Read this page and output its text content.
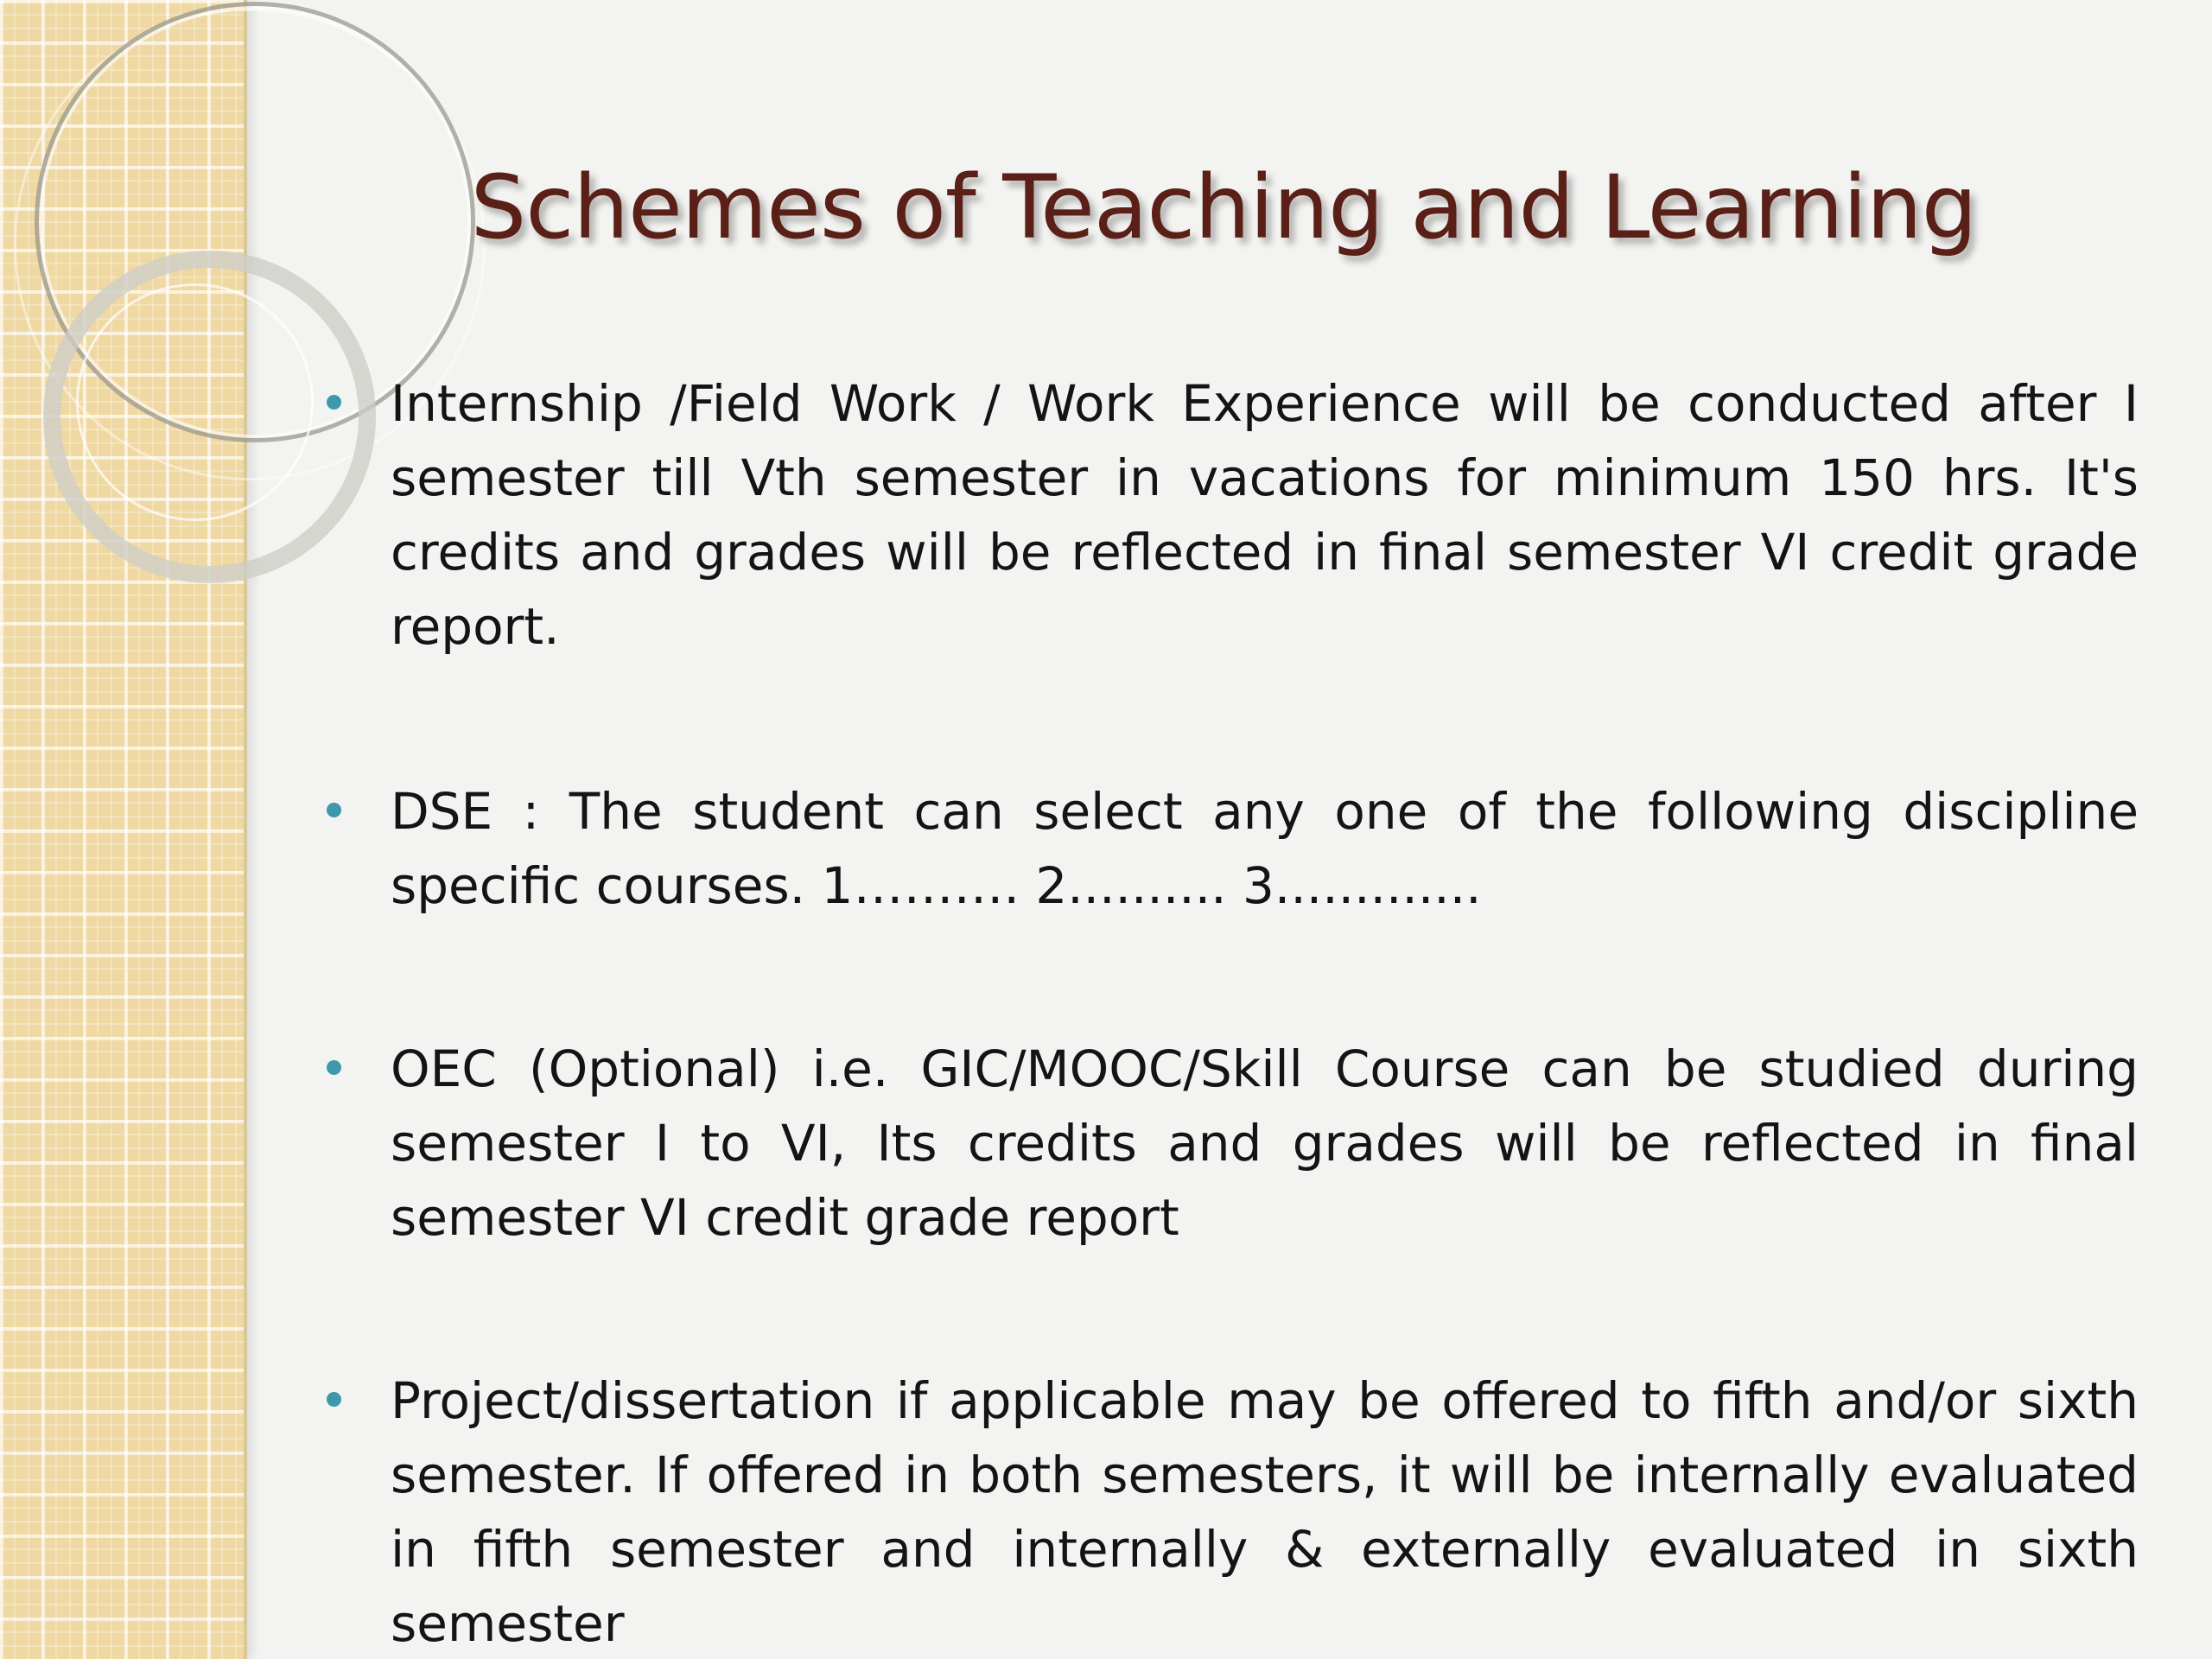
Schemes of Teaching and Learning

Internship /Field Work / Work Experience will be conducted after I semester till Vth semester in vacations for minimum 150 hrs. It's credits and grades will be reflected in final semester VI credit grade report.

DSE : The student can select any one of the following discipline specific courses. 1………. 2.......... 3.............

OEC (Optional) i.e. GIC/MOOC/Skill Course can be studied during semester I to VI, Its credits and grades will be reflected in final semester VI credit grade report

Project/dissertation if applicable may be offered to fifth and/or sixth semester. If offered in both semesters, it will be internally evaluated in fifth semester and internally & externally evaluated in sixth semester
